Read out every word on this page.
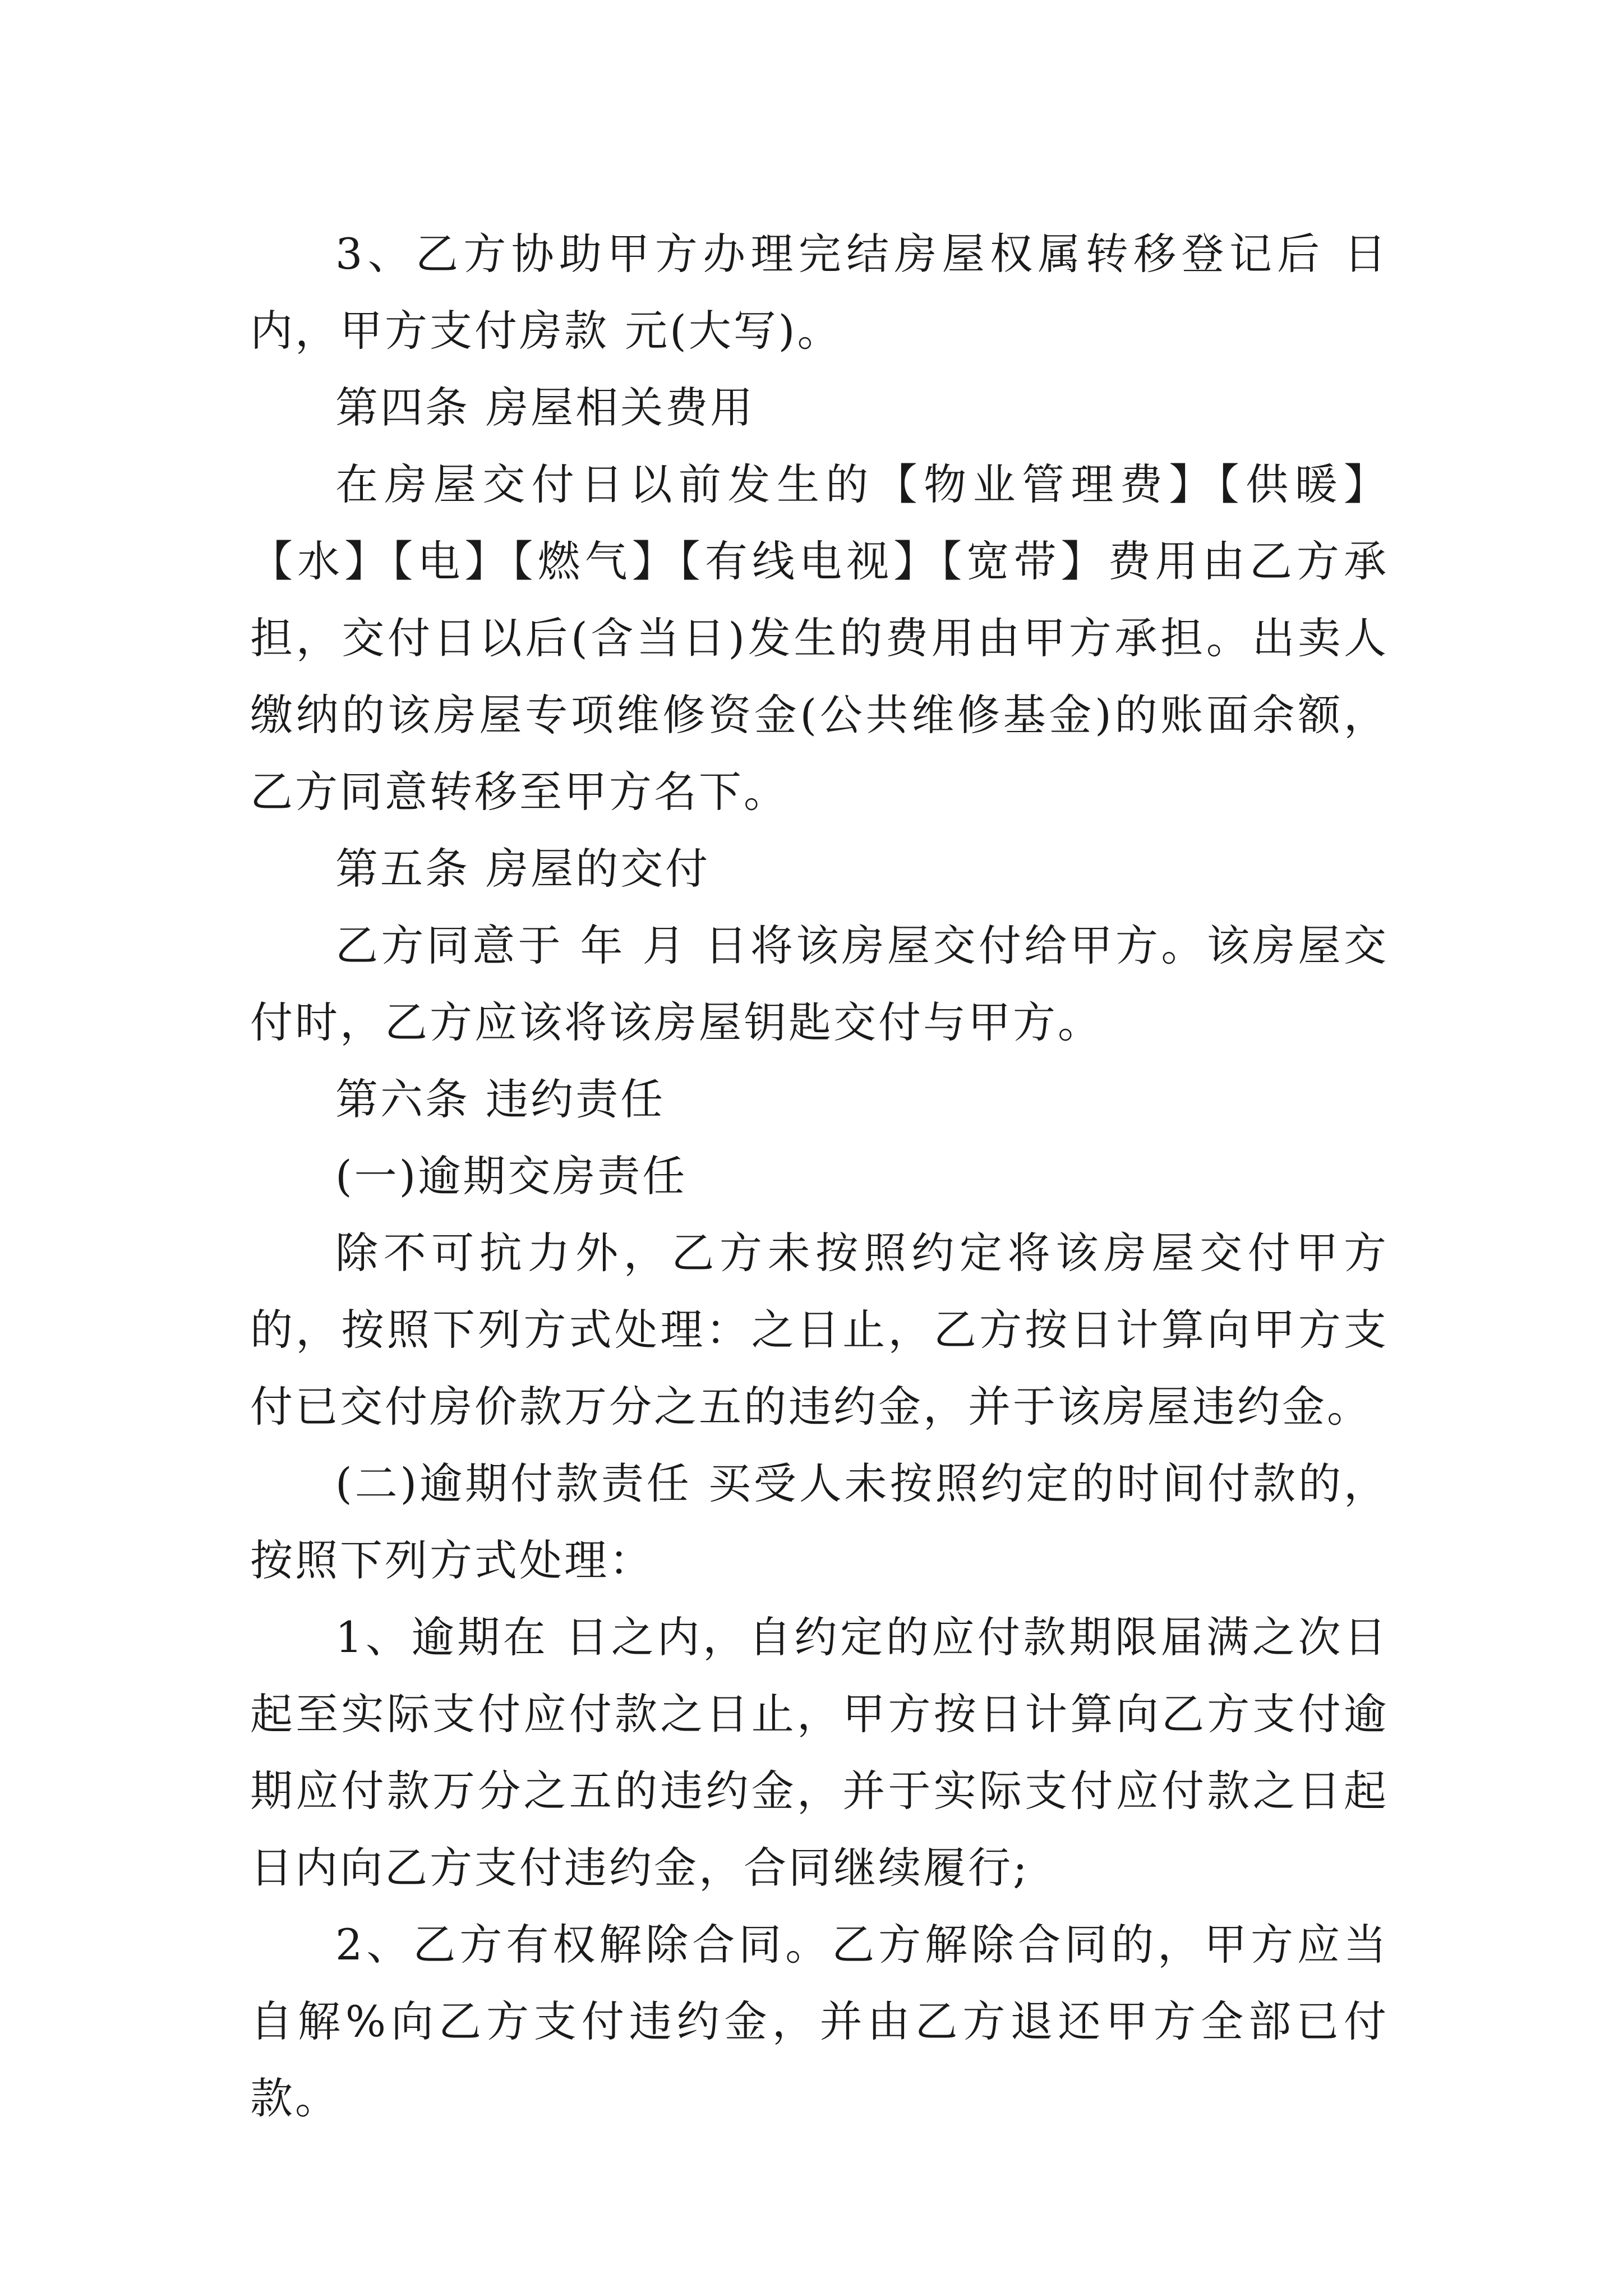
3、乙方协助甲方办理完结房屋权属转移登记后 日内，甲方支付房款 元(大写)。

第四条 房屋相关费用

在房屋交付日以前发生的【物业管理费】【供暖】【水】【电】【燃气】【有线电视】【宽带】费用由乙方承担，交付日以后(含当日)发生的费用由甲方承担。出卖人缴纳的该房屋专项维修资金(公共维修基金)的账面余额，乙方同意转移至甲方名下。

第五条 房屋的交付

乙方同意于 年 月 日将该房屋交付给甲方。该房屋交付时，乙方应该将该房屋钥匙交付与甲方。

第六条 违约责任

(一)逾期交房责任

除不可抗力外，乙方未按照约定将该房屋交付甲方的，按照下列方式处理：之日止，乙方按日计算向甲方支付已交付房价款万分之五的违约金，并于该房屋违约金。

(二)逾期付款责任 买受人未按照约定的时间付款的，按照下列方式处理：

1、逾期在 日之内，自约定的应付款期限届满之次日起至实际支付应付款之日止，甲方按日计算向乙方支付逾期应付款万分之五的违约金，并于实际支付应付款之日起 日内向乙方支付违约金，合同继续履行;

2、乙方有权解除合同。乙方解除合同的，甲方应当自解%向乙方支付违约金，并由乙方退还甲方全部已付款。
